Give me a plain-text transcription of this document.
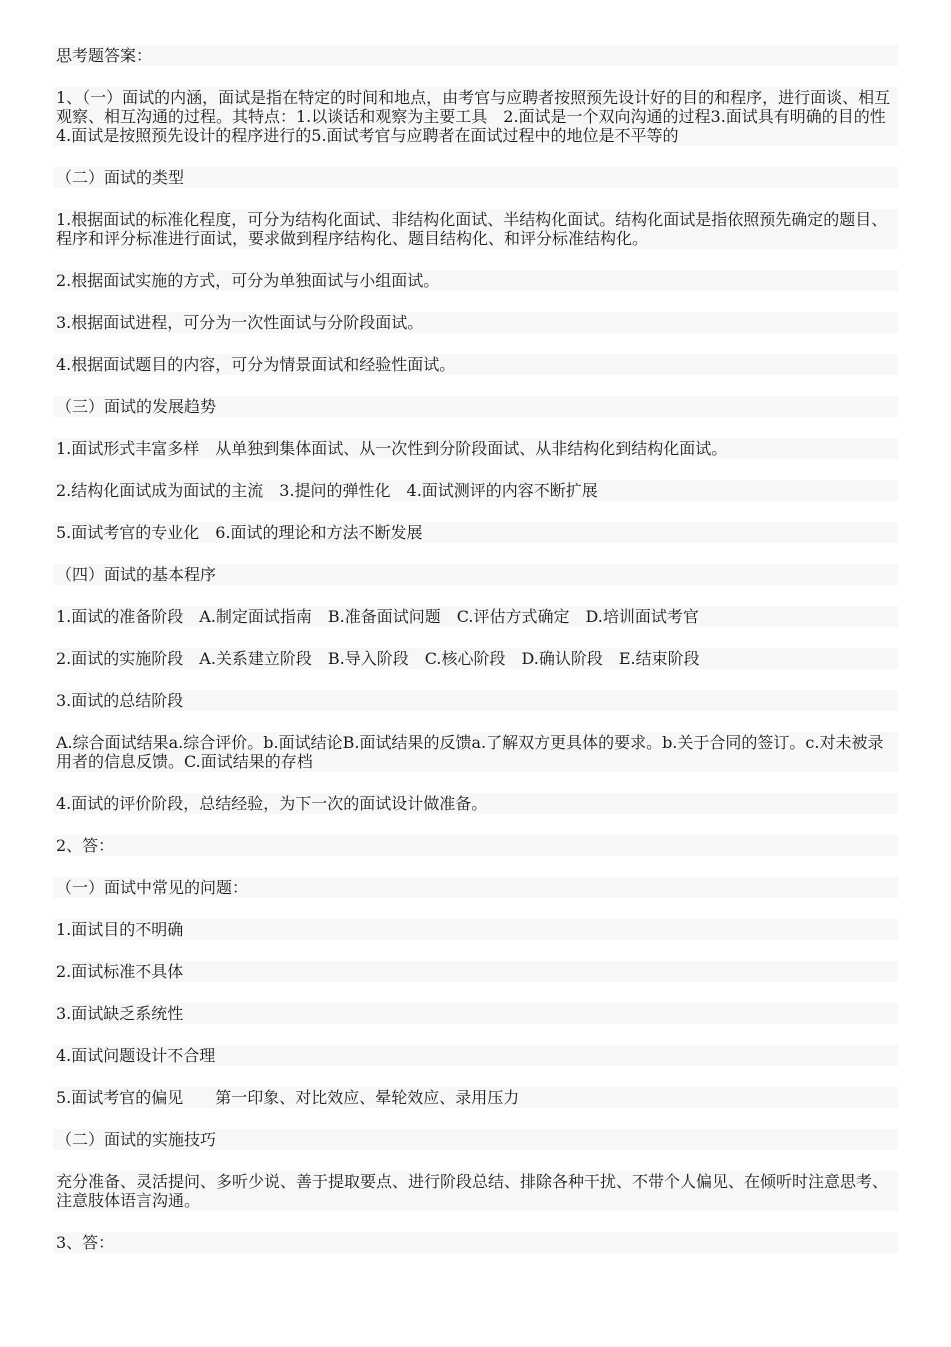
思考题答案：

1、（一）面试的内涵，面试是指在特定的时间和地点，由考官与应聘者按照预先设计好的目的和程序，进行面谈、相互观察、相互沟通的过程。其特点：1.以谈话和观察为主要工具　2.面试是一个双向沟通的过程3.面试具有明确的目的性　4.面试是按照预先设计的程序进行的5.面试考官与应聘者在面试过程中的地位是不平等的

（二）面试的类型

1.根据面试的标准化程度，可分为结构化面试、非结构化面试、半结构化面试。结构化面试是指依照预先确定的题目、程序和评分标准进行面试，要求做到程序结构化、题目结构化、和评分标准结构化。

2.根据面试实施的方式，可分为单独面试与小组面试。

3.根据面试进程，可分为一次性面试与分阶段面试。

4.根据面试题目的内容，可分为情景面试和经验性面试。

（三）面试的发展趋势

1.面试形式丰富多样　从单独到集体面试、从一次性到分阶段面试、从非结构化到结构化面试。

2.结构化面试成为面试的主流　3.提问的弹性化　4.面试测评的内容不断扩展

5.面试考官的专业化　6.面试的理论和方法不断发展

（四）面试的基本程序

1.面试的准备阶段　A.制定面试指南　B.准备面试问题　C.评估方式确定　D.培训面试考官

2.面试的实施阶段　A.关系建立阶段　B.导入阶段　C.核心阶段　D.确认阶段　E.结束阶段

3.面试的总结阶段

A.综合面试结果a.综合评价。b.面试结论B.面试结果的反馈a.了解双方更具体的要求。b.关于合同的签订。c.对未被录用者的信息反馈。C.面试结果的存档

4.面试的评价阶段，总结经验，为下一次的面试设计做准备。

2、答：

（一）面试中常见的问题：

1.面试目的不明确

2.面试标准不具体

3.面试缺乏系统性

4.面试问题设计不合理

5.面试考官的偏见　　第一印象、对比效应、晕轮效应、录用压力

（二）面试的实施技巧

充分准备、灵活提问、多听少说、善于提取要点、进行阶段总结、排除各种干扰、不带个人偏见、在倾听时注意思考、注意肢体语言沟通。

3、答：
